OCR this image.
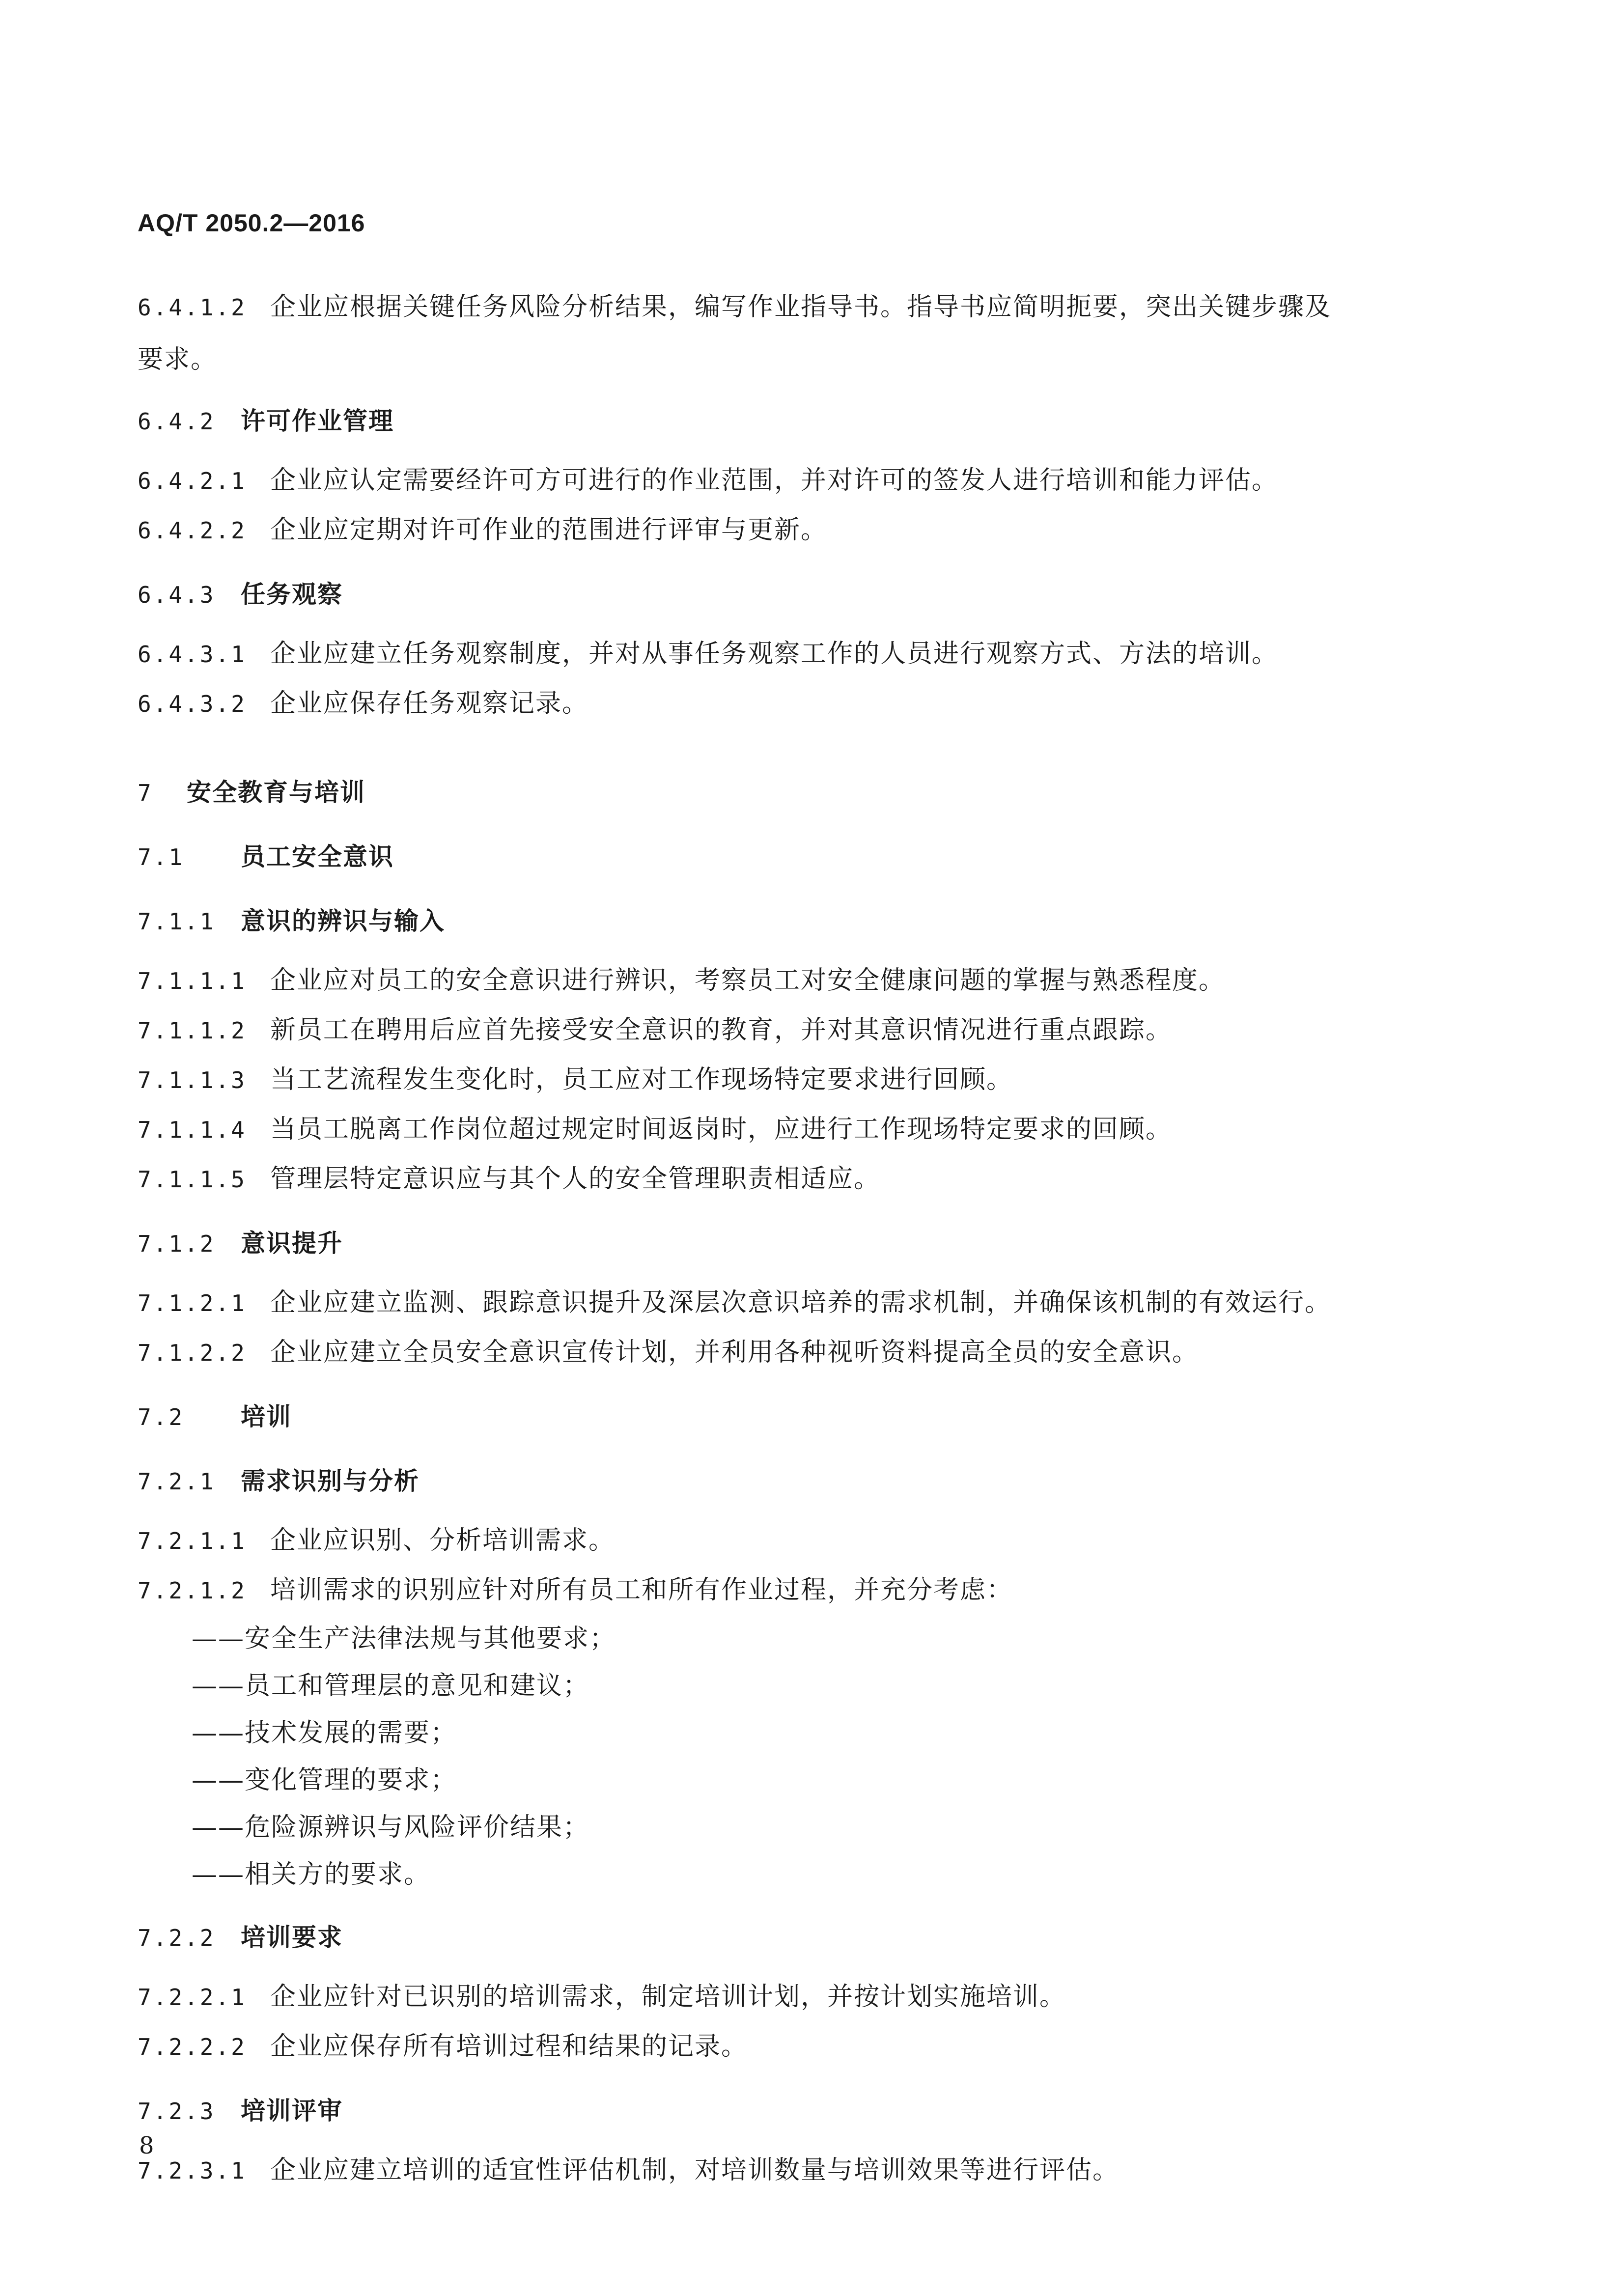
AQ/T 2050.2—2016
6.4.1.2 企业应根据关键任务风险分析结果，编写作业指导书。指导书应简明扼要，突出关键步骤及
要求。
6.4.2	许可作业管理
6.4.2.1 企业应认定需要经许可方可进行的作业范围，并对许可的签发人进行培训和能力评估。
6.4.2.2 企业应定期对许可作业的范围进行评审与更新。
6.4.3	任务观察
6.4.3.1 企业应建立任务观察制度，并对从事任务观察工作的人员进行观察方式、方法的培训。
6.4.3.2 企业应保存任务观察记录。
7	安全教育与培训
7.1	员工安全意识
7.1.1	意识的辨识与输入
7.1.1.1 企业应对员工的安全意识进行辨识，考察员工对安全健康问题的掌握与熟悉程度。
7.1.1.2 新员工在聘用后应首先接受安全意识的教育，并对其意识情况进行重点跟踪。
7.1.1.3 当工艺流程发生变化时，员工应对工作现场特定要求进行回顾。
7.1.1.4 当员工脱离工作岗位超过规定时间返岗时，应进行工作现场特定要求的回顾。
7.1.1.5 管理层特定意识应与其个人的安全管理职责相适应。
7.1.2	意识提升
7.1.2.1 企业应建立监测、跟踪意识提升及深层次意识培养的需求机制，并确保该机制的有效运行。
7.1.2.2 企业应建立全员安全意识宣传计划，并利用各种视听资料提高全员的安全意识。
7.2	培训
7.2.1	需求识别与分析
7.2.1.1 企业应识别、分析培训需求。
7.2.1.2 培训需求的识别应针对所有员工和所有作业过程，并充分考虑：
——安全生产法律法规与其他要求；
——员工和管理层的意见和建议；
——技术发展的需要；
——变化管理的要求；
——危险源辨识与风险评价结果；
——相关方的要求。
7.2.2	培训要求
7.2.2.1 企业应针对已识别的培训需求，制定培训计划，并按计划实施培训。
7.2.2.2 企业应保存所有培训过程和结果的记录。
7.2.3	培训评审
7.2.3.1 企业应建立培训的适宜性评估机制，对培训数量与培训效果等进行评估。
8
